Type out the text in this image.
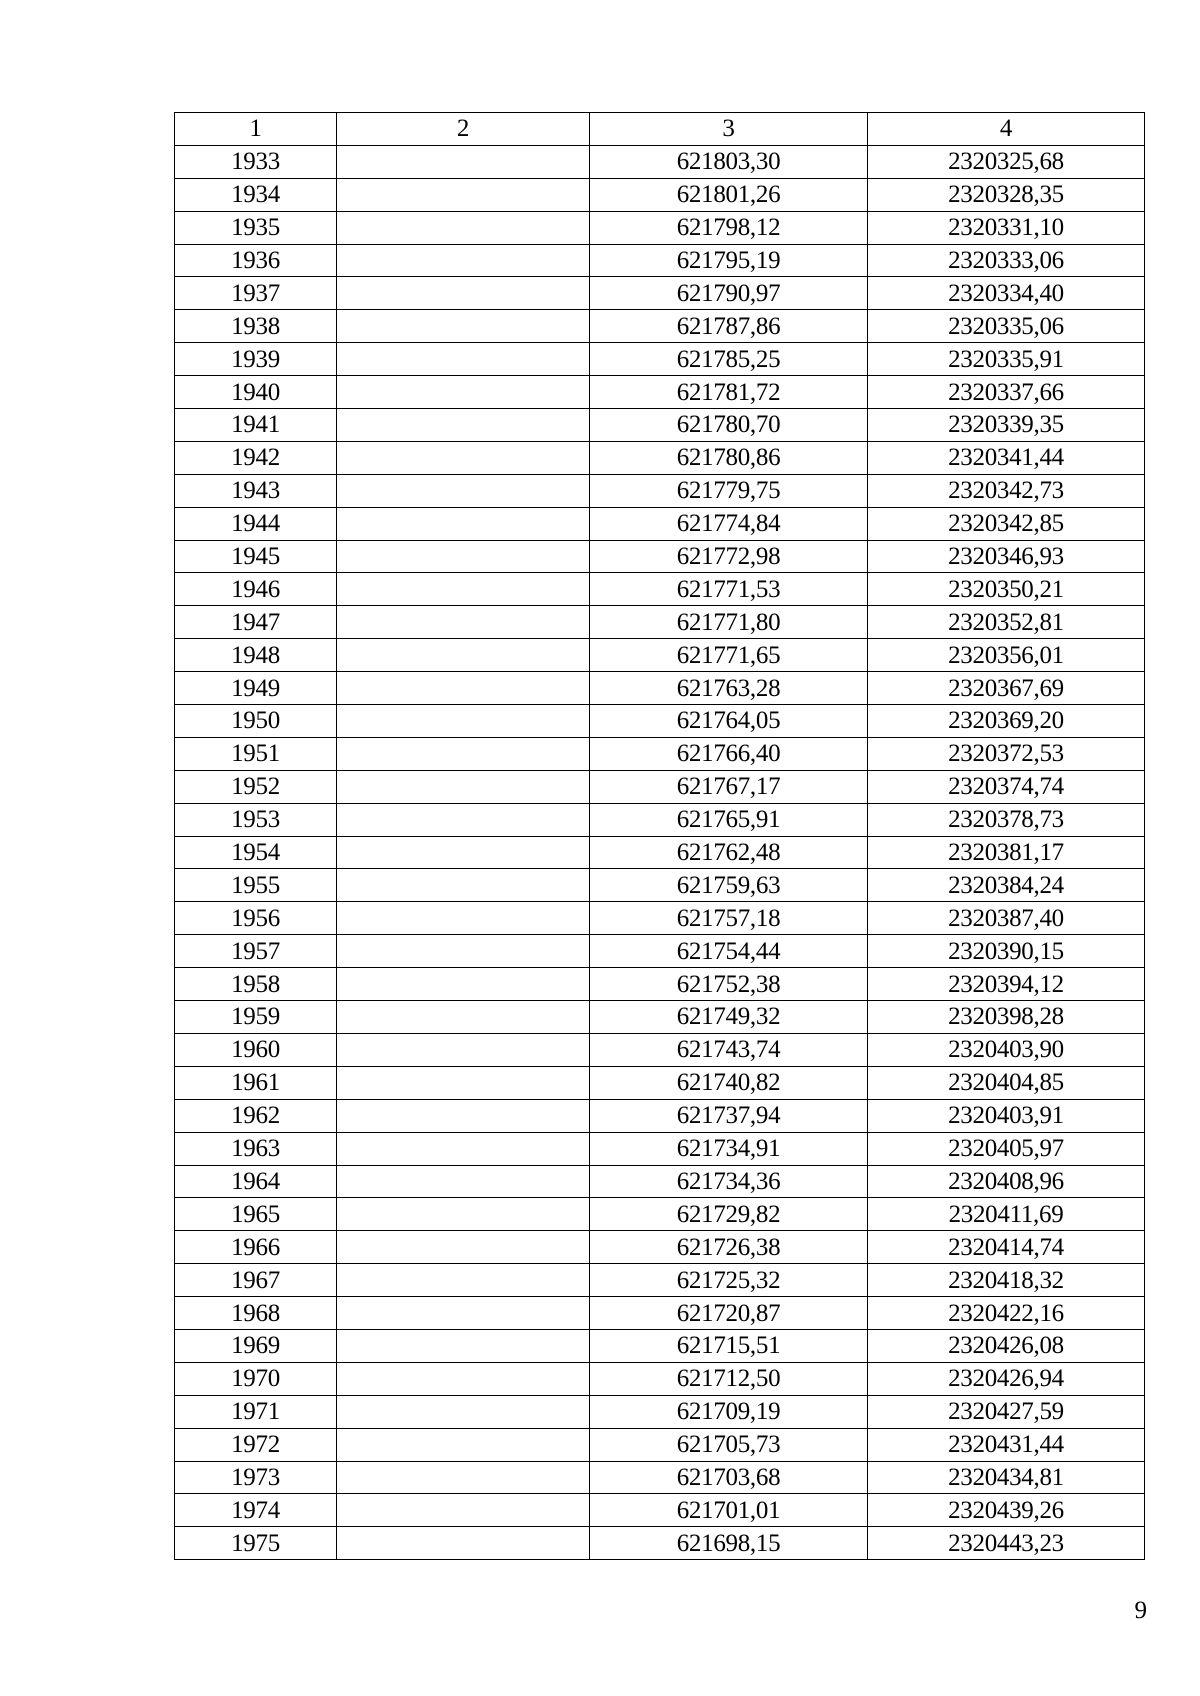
1	2	3	4
1933		621803,30	2320325,68
1934		621801,26	2320328,35
1935		621798,12	2320331,10
1936		621795,19	2320333,06
1937		621790,97	2320334,40
1938		621787,86	2320335,06
1939		621785,25	2320335,91
1940		621781,72	2320337,66
1941		621780,70	2320339,35
1942		621780,86	2320341,44
1943		621779,75	2320342,73
1944		621774,84	2320342,85
1945		621772,98	2320346,93
1946		621771,53	2320350,21
1947		621771,80	2320352,81
1948		621771,65	2320356,01
1949		621763,28	2320367,69
1950		621764,05	2320369,20
1951		621766,40	2320372,53
1952		621767,17	2320374,74
1953		621765,91	2320378,73
1954		621762,48	2320381,17
1955		621759,63	2320384,24
1956		621757,18	2320387,40
1957		621754,44	2320390,15
1958		621752,38	2320394,12
1959		621749,32	2320398,28
1960		621743,74	2320403,90
1961		621740,82	2320404,85
1962		621737,94	2320403,91
1963		621734,91	2320405,97
1964		621734,36	2320408,96
1965		621729,82	2320411,69
1966		621726,38	2320414,74
1967		621725,32	2320418,32
1968		621720,87	2320422,16
1969		621715,51	2320426,08
1970		621712,50	2320426,94
1971		621709,19	2320427,59
1972		621705,73	2320431,44
1973		621703,68	2320434,81
1974		621701,01	2320439,26
1975		621698,15	2320443,23
9
